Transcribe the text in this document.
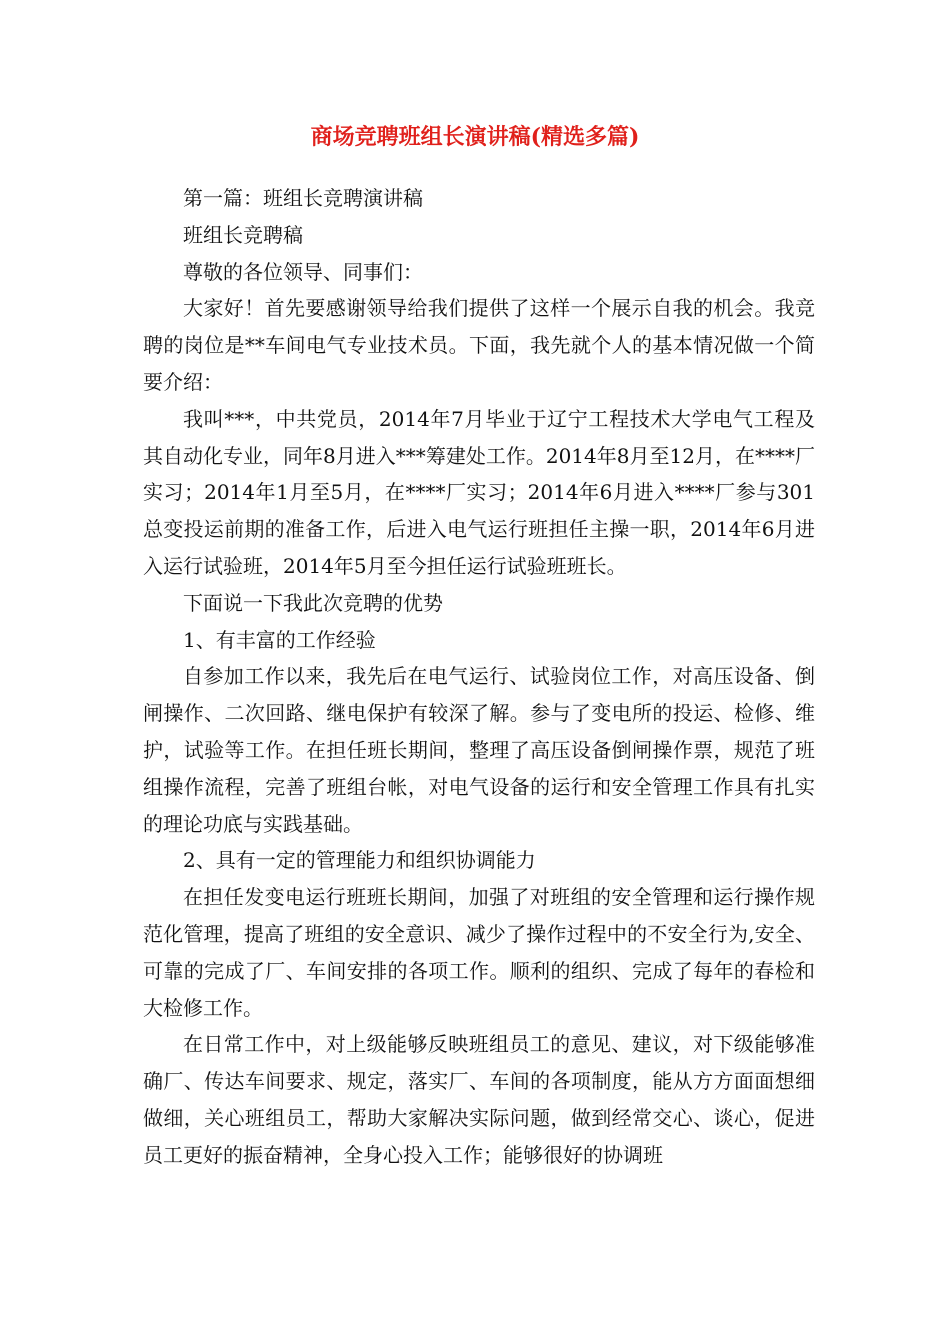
商场竞聘班组长演讲稿(精选多篇)

第一篇：班组长竞聘演讲稿

班组长竞聘稿

尊敬的各位领导、同事们：

大家好！首先要感谢领导给我们提供了这样一个展示自我的机会。我竞聘的岗位是**车间电气专业技术员。下面，我先就个人的基本情况做一个简要介绍：

我叫***，中共党员，2014年7月毕业于辽宁工程技术大学电气工程及其自动化专业，同年8月进入***筹建处工作。2014年8月至12月，在****厂实习；2014年1月至5月，在****厂实习；2014年6月进入****厂参与301总变投运前期的准备工作，后进入电气运行班担任主操一职，2014年6月进入运行试验班，2014年5月至今担任运行试验班班长。

下面说一下我此次竞聘的优势

1、有丰富的工作经验

自参加工作以来，我先后在电气运行、试验岗位工作，对高压设备、倒闸操作、二次回路、继电保护有较深了解。参与了变电所的投运、检修、维护，试验等工作。在担任班长期间，整理了高压设备倒闸操作票，规范了班组操作流程，完善了班组台帐，对电气设备的运行和安全管理工作具有扎实的理论功底与实践基础。

2、具有一定的管理能力和组织协调能力

在担任发变电运行班班长期间，加强了对班组的安全管理和运行操作规范化管理，提高了班组的安全意识、减少了操作过程中的不安全行为,安全、可靠的完成了厂、车间安排的各项工作。顺利的组织、完成了每年的春检和大检修工作。

在日常工作中，对上级能够反映班组员工的意见、建议，对下级能够准确厂、传达车间要求、规定，落实厂、车间的各项制度，能从方方面面想细做细，关心班组员工，帮助大家解决实际问题，做到经常交心、谈心，促进员工更好的振奋精神，全身心投入工作；能够很好的协调班
